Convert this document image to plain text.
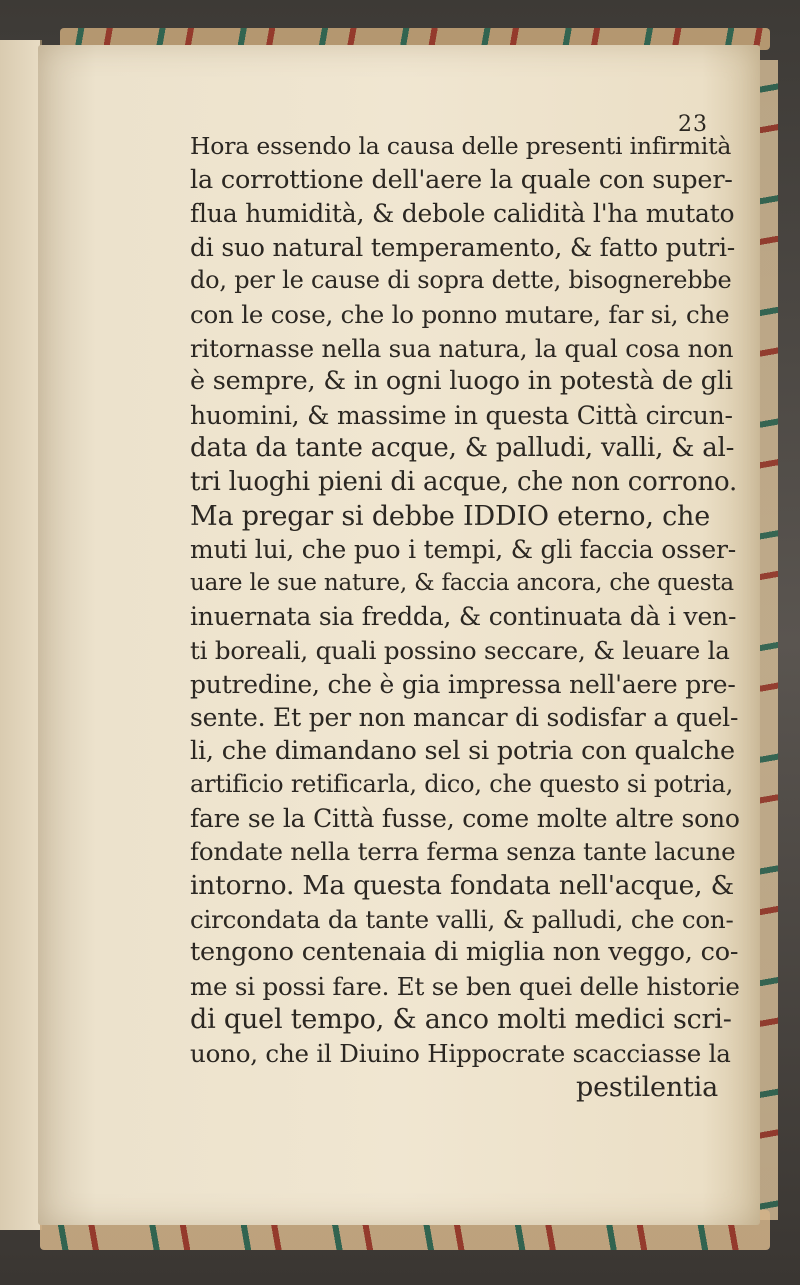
23
Hora essendo la causa delle presenti infirmità
la corrottione dell'aere la quale con super-
flua humidità, & debole calidità l'ha mutato
di suo natural temperamento, & fatto putri-
do, per le cause di sopra dette, bisognerebbe
con le cose, che lo ponno mutare, far si, che
ritornasse nella sua natura, la qual cosa non
è sempre, & in ogni luogo in potestà de gli
huomini, & massime in questa Città circun-
data da tante acque, & palludi, valli, & al-
tri luoghi pieni di acque, che non corrono.
Ma pregar si debbe IDDIO eterno, che
muti lui, che puo i tempi, & gli faccia osser-
uare le sue nature, & faccia ancora, che questa
inuernata sia fredda, & continuata dà i ven-
ti boreali, quali possino seccare, & leuare la
putredine, che è gia impressa nell'aere pre-
sente. Et per non mancar di sodisfar a quel-
li, che dimandano sel si potria con qualche
artificio retificarla, dico, che questo si potria,
fare se la Città fusse, come molte altre sono
fondate nella terra ferma senza tante lacune
intorno. Ma questa fondata nell'acque, &
circondata da tante valli, & palludi, che con-
tengono centenaia di miglia non veggo, co-
me si possi fare. Et se ben quei delle historie
di quel tempo, & anco molti medici scri-
uono, che il Diuino Hippocrate scacciasse la
pestilentia
